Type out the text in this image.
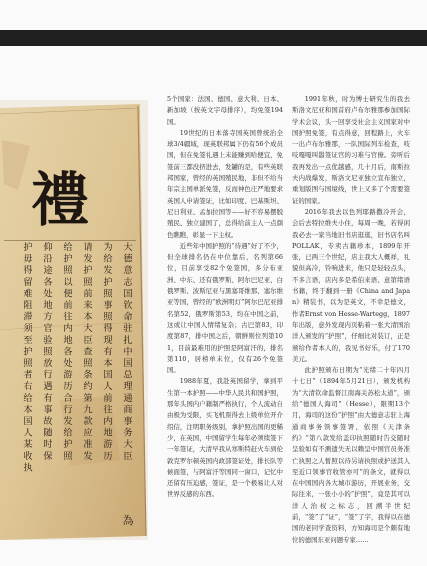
禮
大
德
意
志
国
钦
命
驻
扎
中
国
总
理
通
商
事
务
大
臣
为
给
发
护
照
事
照
得
现
有
本
国
人
前
往
内
地
游
历
请
发
护
照
前
来
本
大
臣
查
照
条
约
第
九
款
应
准
发
给
护
照
以
便
前
往
内
地
各
处
游
历
合
行
发
给
护
照
仰
沿
途
各
处
地
方
官
验
照
放
行
遇
有
事
故
随
时
保
护
毋
得
留
难
阻
滞
须
至
护
照
者
右
给
本
国
人
某
收
执
為

5个国家：法国、德国、意大利、日本、新加坡（按英文字母排序），均免签194国。

19世纪的日本落寺国英国曾统治全球3/4疆域，现英联邦属下仍有56个成员国，但在免签礼遇上未能赚到哈便宜，免签前三都没挤进去，发罐的是，有些英联邦国家，曾经的英国殖民地，非但不给当年宗主国单派免签，反而神色庄严地要求英国人申请签证，比如印度、巴基斯坦、尼日利亚、孟加拉国等——好不容易摆脱殖民、独立建国了，总得给前主人一点颜色瞧瞧，彰显一下主权。

近些年中国护照的“待遇”好了不少，但全球排名仍在中位靠后，名列第66位，目前享受82个免签国，多分布亚洲、中东、还有俄罗斯、阿尔巴尼亚、白俄罗斯、波斯尼亚与黑塞哥维那、塞尔维亚等国，曾经的“欧洲明灯”阿尔巴尼亚排名第52，俄罗斯第53，均在中国之前，这或让中国人情绪复杂；古巴第83，印度第87，排中国之后，朝鲜则位列第101，目前最难用的护照是阿富汗的，排名第110，居榜单末位，仅有26个免签国。

1988年夏，我赴英国留学，拿到平生第一本护照——中华人民共和国护照，那年头国内户籍制严格执行，个人流动自由极为受限，买飞机票得去上级单位开介绍信，注明职务级别，拿护照出国的更稀少，在英国，中国留学生每年必须续签下一年签证，大清早我从寒斯特赶火车到伦敦克罗尔顿英国内政部签证处，排长队等候面签，与阿富汗等国同一窗口，记忆中还留有压迫感，签证，是一个极易让人对世界反感的东西。

1991年秋，时为博士研究生的我去斯洛文尼亚和国首府卢布尔雅那参加国际学术会议，头一回享受社会主义国家对中国护照免签，有点得意，回程路上，火车一出卢布尔雅那，一队国际列车检查，吱吱嘎嘎叫嚣签证官的习难与官僚。旁听后我再发出一点优越感，几十月后，南斯拉夫内战爆发，斯洛文尼亚独立宣布独立，重划版图与国境线，世上又多了个需要签证的国家。

2016年我去以色列耶路撒冷开会，会后去特拉维夫小住，每周一晚，若得闲我必去一家当地旧书店逛逛，旧书店名叫POLLAK，专卖古籍珍本，1899年开张，已两三个世纪，店主我大人概祥，礼貌但高冷，铃响进来，他只是轻轻点头，不多言语，店内多是希伯来语、意第绪语书籍，终于翻到一册《China and Japan》精装书，以为是英文，不幸是德文，作者Ernst von Hesse-Wartegg，1897年出版，意外发现内页粘着一张大清国治洋人颁发的“护照”，仔细比对装订，正是颁给作者本人的，我见书好乐，付了170美元。

此护照颁布日期为“光绪二十年四月十七日”（1894年5月21日），颁发机构为“大清钦命监督江南海关苏松太道”，颁给“德国人海司”（Hesse），限期13个月，海司的这份“护照”由大德意志驻上海通商事务领事签署，依照《天津条约》“第八款发给盖印执照随时告交随时呈验如有不测遗失无以赖呈中国官员务准亡执照之人暂照以待另请执照或护送其人至近口领事官收管亦可”的条文，就得以在中国国内各大城市游历，开展业务，交际往来，一张小小的“护照”，竟是其可以洋人治权之标志，回溯半世纪前，“签”了“证”，“签”了字，我得以在德国的老同学查资料，方知海司是个颇有地位的德国东亚问题专家……
